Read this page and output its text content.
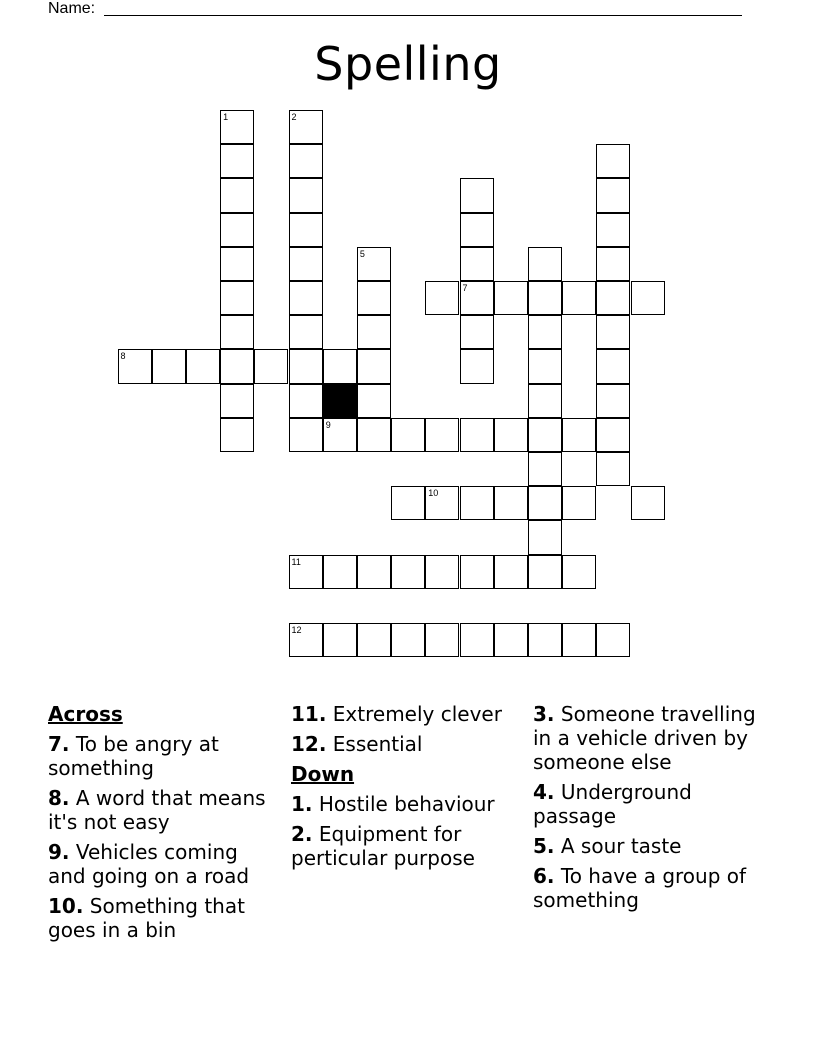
Name:
Spelling
1	2
5
7
8
9
10
11
12
Across
7. To be angry at something
8. A word that means it's not easy
9. Vehicles coming and going on a road
10. Something that goes in a bin
11. Extremely clever
12. Essential
Down
1. Hostile behaviour
2. Equipment for perticular purpose
3. Someone travelling in a vehicle driven by someone else
4. Underground passage
5. A sour taste
6. To have a group of something
